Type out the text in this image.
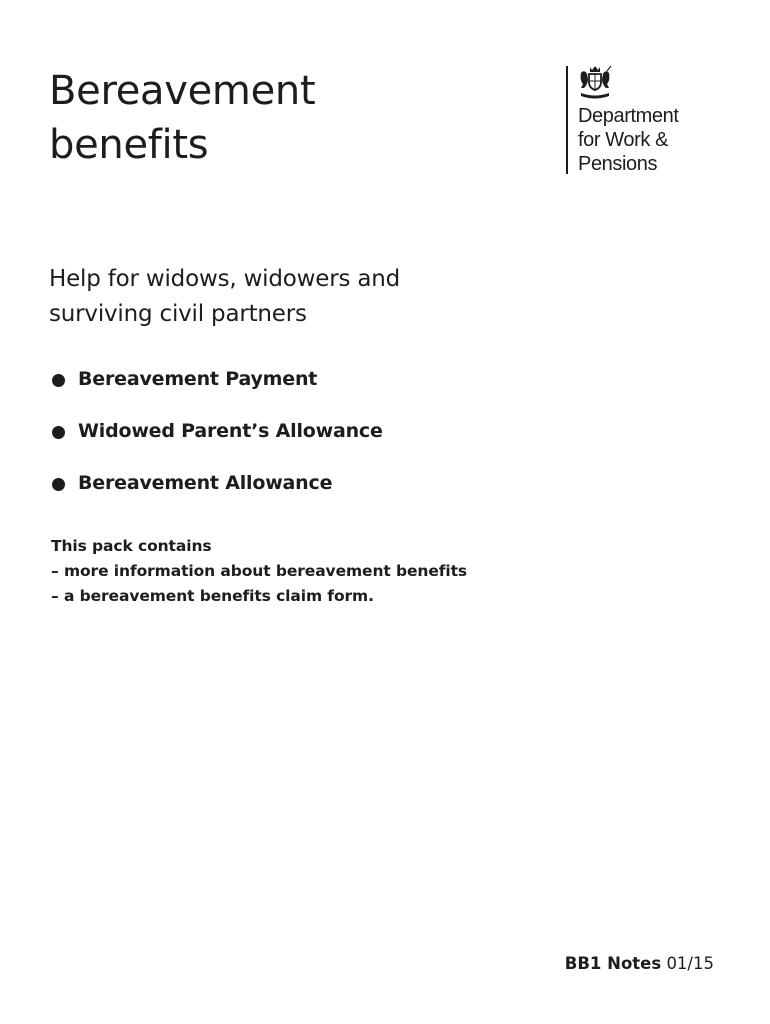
Bereavement
benefits
Department
for Work &
Pensions
Help for widows, widowers and
surviving civil partners
Bereavement Payment
Widowed Parent’s Allowance
Bereavement Allowance
This pack contains
– more information about bereavement benefits
– a bereavement benefits claim form.
BB1 Notes 01/15
